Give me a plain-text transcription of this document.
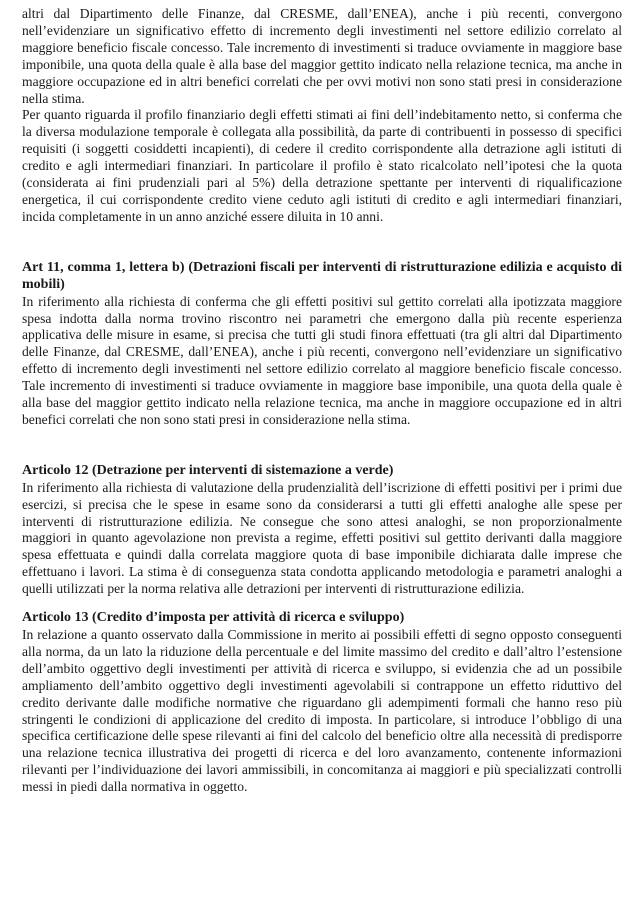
altri dal Dipartimento delle Finanze, dal CRESME, dall’ENEA), anche i più recenti, convergono nell’evidenziare un significativo effetto di incremento degli investimenti nel settore edilizio correlato al maggiore beneficio fiscale concesso. Tale incremento di investimenti si traduce ovviamente in maggiore base imponibile, una quota della quale è alla base del maggior gettito indicato nella relazione tecnica, ma anche in maggiore occupazione ed in altri benefici correlati che per ovvi motivi non sono stati presi in considerazione nella stima.

Per quanto riguarda il profilo finanziario degli effetti stimati ai fini dell’indebitamento netto, si conferma che la diversa modulazione temporale è collegata alla possibilità, da parte di contribuenti in possesso di specifici requisiti (i soggetti cosiddetti incapienti), di cedere il credito corrispondente alla detrazione agli istituti di credito e agli intermediari finanziari. In particolare il profilo è stato ricalcolato nell’ipotesi che la quota (considerata ai fini prudenziali pari al 5%) della detrazione spettante per interventi di riqualificazione energetica, il cui corrispondente credito viene ceduto agli istituti di credito e agli intermediari finanziari, incida completamente in un anno anziché essere diluita in 10 anni.

Art 11, comma 1, lettera b) (Detrazioni fiscali per interventi di ristrutturazione edilizia e acquisto di mobili)

In riferimento alla richiesta di conferma che gli effetti positivi sul gettito correlati alla ipotizzata maggiore spesa indotta dalla norma trovino riscontro nei parametri che emergono dalla più recente esperienza applicativa delle misure in esame, si precisa che tutti gli studi finora effettuati (tra gli altri dal Dipartimento delle Finanze, dal CRESME, dall’ENEA), anche i più recenti, convergono nell’evidenziare un significativo effetto di incremento degli investimenti nel settore edilizio correlato al maggiore beneficio fiscale concesso. Tale incremento di investimenti si traduce ovviamente in maggiore base imponibile, una quota della quale è alla base del maggior gettito indicato nella relazione tecnica, ma anche in maggiore occupazione ed in altri benefici correlati che non sono stati presi in considerazione nella stima.

Articolo 12 (Detrazione per interventi di sistemazione a verde)

In riferimento alla richiesta di valutazione della prudenzialità dell’iscrizione di effetti positivi per i primi due esercizi, si precisa che le spese in esame sono da considerarsi a tutti gli effetti analoghe alle spese per interventi di ristrutturazione edilizia. Ne consegue che sono attesi analoghi, se non proporzionalmente maggiori in quanto agevolazione non prevista a regime, effetti positivi sul gettito derivanti dalla maggiore spesa effettuata e quindi dalla correlata maggiore quota di base imponibile dichiarata dalle imprese che effettuano i lavori. La stima è di conseguenza stata condotta applicando metodologia e parametri analoghi a quelli utilizzati per la norma relativa alle detrazioni per interventi di ristrutturazione edilizia.

Articolo 13 (Credito d’imposta per attività di ricerca e sviluppo)

In relazione a quanto osservato dalla Commissione in merito ai possibili effetti di segno opposto conseguenti alla norma, da un lato la riduzione della percentuale e del limite massimo del credito e dall’altro l’estensione dell’ambito oggettivo degli investimenti per attività di ricerca e sviluppo, si evidenzia che ad un possibile ampliamento dell’ambito oggettivo degli investimenti agevolabili si contrappone un effetto riduttivo del credito derivante dalle modifiche normative che riguardano gli adempimenti formali che hanno reso più stringenti le condizioni di applicazione del credito di imposta. In particolare, si introduce l’obbligo di una specifica certificazione delle spese rilevanti ai fini del calcolo del beneficio oltre alla necessità di predisporre una relazione tecnica illustrativa dei progetti di ricerca e del loro avanzamento, contenente informazioni rilevanti per l’individuazione dei lavori ammissibili, in concomitanza ai maggiori e più specializzati controlli messi in piedi dalla normativa in oggetto.
